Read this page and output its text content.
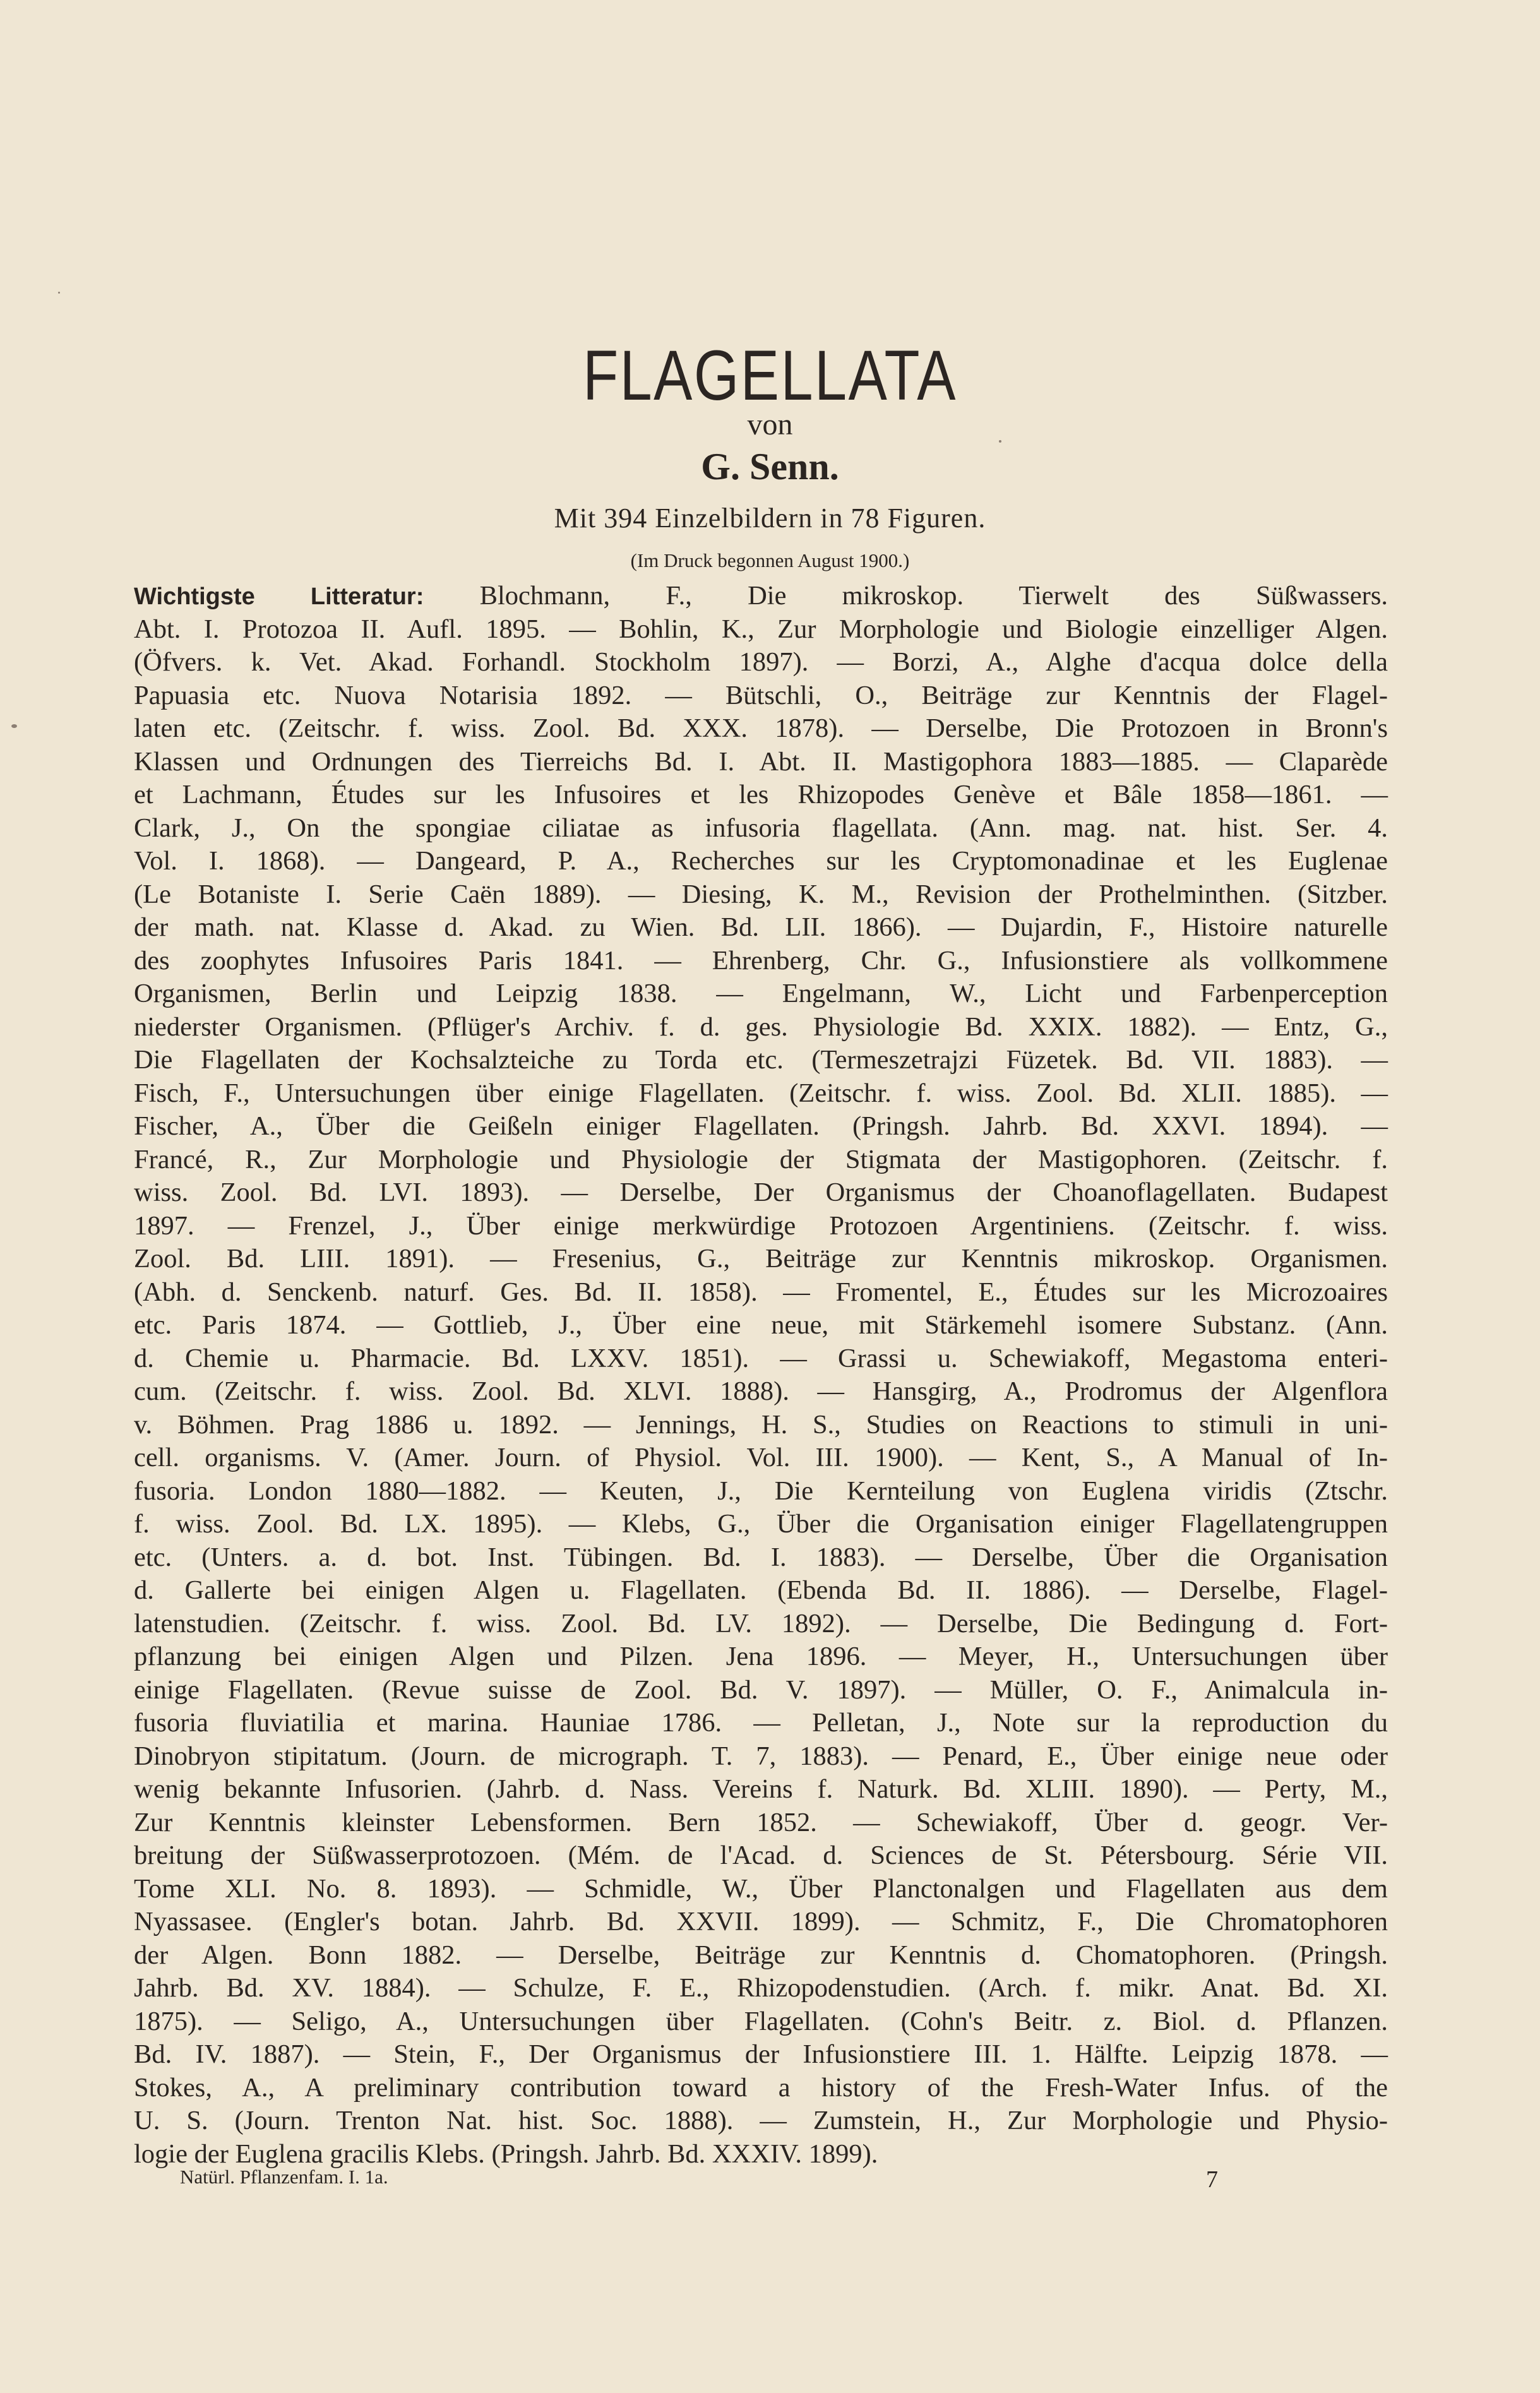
FLAGELLATA
von
G. Senn.
Mit 394 Einzelbildern in 78 Figuren.
(Im Druck begonnen August 1900.)
Wichtigste Litteratur: Blochmann, F., Die mikroskop. Tierwelt des Süßwassers.
Abt. I. Protozoa II. Aufl. 1895. — Bohlin, K., Zur Morphologie und Biologie einzelliger Algen.
(Öfvers. k. Vet. Akad. Forhandl. Stockholm 1897). — Borzi, A., Alghe d'acqua dolce della
Papuasia etc. Nuova Notarisia 1892. — Bütschli, O., Beiträge zur Kenntnis der Flagel-
laten etc. (Zeitschr. f. wiss. Zool. Bd. XXX. 1878). — Derselbe, Die Protozoen in Bronn's
Klassen und Ordnungen des Tierreichs Bd. I. Abt. II. Mastigophora 1883—1885. — Claparède
et Lachmann, Études sur les Infusoires et les Rhizopodes Genève et Bâle 1858—1861. —
Clark, J., On the spongiae ciliatae as infusoria flagellata. (Ann. mag. nat. hist. Ser. 4.
Vol. I. 1868). — Dangeard, P. A., Recherches sur les Cryptomonadinae et les Euglenae
(Le Botaniste I. Serie Caën 1889). — Diesing, K. M., Revision der Prothelminthen. (Sitzber.
der math. nat. Klasse d. Akad. zu Wien. Bd. LII. 1866). — Dujardin, F., Histoire naturelle
des zoophytes Infusoires Paris 1841. — Ehrenberg, Chr. G., Infusionstiere als vollkommene
Organismen, Berlin und Leipzig 1838. — Engelmann, W., Licht und Farbenperception
niederster Organismen. (Pflüger's Archiv. f. d. ges. Physiologie Bd. XXIX. 1882). — Entz, G.,
Die Flagellaten der Kochsalzteiche zu Torda etc. (Termeszetrajzi Füzetek. Bd. VII. 1883). —
Fisch, F., Untersuchungen über einige Flagellaten. (Zeitschr. f. wiss. Zool. Bd. XLII. 1885). —
Fischer, A., Über die Geißeln einiger Flagellaten. (Pringsh. Jahrb. Bd. XXVI. 1894). —
Francé, R., Zur Morphologie und Physiologie der Stigmata der Mastigophoren. (Zeitschr. f.
wiss. Zool. Bd. LVI. 1893). — Derselbe, Der Organismus der Choanoflagellaten. Budapest
1897. — Frenzel, J., Über einige merkwürdige Protozoen Argentiniens. (Zeitschr. f. wiss.
Zool. Bd. LIII. 1891). — Fresenius, G., Beiträge zur Kenntnis mikroskop. Organismen.
(Abh. d. Senckenb. naturf. Ges. Bd. II. 1858). — Fromentel, E., Études sur les Microzoaires
etc. Paris 1874. — Gottlieb, J., Über eine neue, mit Stärkemehl isomere Substanz. (Ann.
d. Chemie u. Pharmacie. Bd. LXXV. 1851). — Grassi u. Schewiakoff, Megastoma enteri-
cum. (Zeitschr. f. wiss. Zool. Bd. XLVI. 1888). — Hansgirg, A., Prodromus der Algenflora
v. Böhmen. Prag 1886 u. 1892. — Jennings, H. S., Studies on Reactions to stimuli in uni-
cell. organisms. V. (Amer. Journ. of Physiol. Vol. III. 1900). — Kent, S., A Manual of In-
fusoria. London 1880—1882. — Keuten, J., Die Kernteilung von Euglena viridis (Ztschr.
f. wiss. Zool. Bd. LX. 1895). — Klebs, G., Über die Organisation einiger Flagellatengruppen
etc. (Unters. a. d. bot. Inst. Tübingen. Bd. I. 1883). — Derselbe, Über die Organisation
d. Gallerte bei einigen Algen u. Flagellaten. (Ebenda Bd. II. 1886). — Derselbe, Flagel-
latenstudien. (Zeitschr. f. wiss. Zool. Bd. LV. 1892). — Derselbe, Die Bedingung d. Fort-
pflanzung bei einigen Algen und Pilzen. Jena 1896. — Meyer, H., Untersuchungen über
einige Flagellaten. (Revue suisse de Zool. Bd. V. 1897). — Müller, O. F., Animalcula in-
fusoria fluviatilia et marina. Hauniae 1786. — Pelletan, J., Note sur la reproduction du
Dinobryon stipitatum. (Journ. de micrograph. T. 7, 1883). — Penard, E., Über einige neue oder
wenig bekannte Infusorien. (Jahrb. d. Nass. Vereins f. Naturk. Bd. XLIII. 1890). — Perty, M.,
Zur Kenntnis kleinster Lebensformen. Bern 1852. — Schewiakoff, Über d. geogr. Ver-
breitung der Süßwasserprotozoen. (Mém. de l'Acad. d. Sciences de St. Pétersbourg. Série VII.
Tome XLI. No. 8. 1893). — Schmidle, W., Über Planctonalgen und Flagellaten aus dem
Nyassasee. (Engler's botan. Jahrb. Bd. XXVII. 1899). — Schmitz, F., Die Chromatophoren
der Algen. Bonn 1882. — Derselbe, Beiträge zur Kenntnis d. Chomatophoren. (Pringsh.
Jahrb. Bd. XV. 1884). — Schulze, F. E., Rhizopodenstudien. (Arch. f. mikr. Anat. Bd. XI.
1875). — Seligo, A., Untersuchungen über Flagellaten. (Cohn's Beitr. z. Biol. d. Pflanzen.
Bd. IV. 1887). — Stein, F., Der Organismus der Infusionstiere III. 1. Hälfte. Leipzig 1878. —
Stokes, A., A preliminary contribution toward a history of the Fresh-Water Infus. of the
U. S. (Journ. Trenton Nat. hist. Soc. 1888). — Zumstein, H., Zur Morphologie und Physio-
logie der Euglena gracilis Klebs. (Pringsh. Jahrb. Bd. XXXIV. 1899).
Natürl. Pflanzenfam. I. 1a.	7
